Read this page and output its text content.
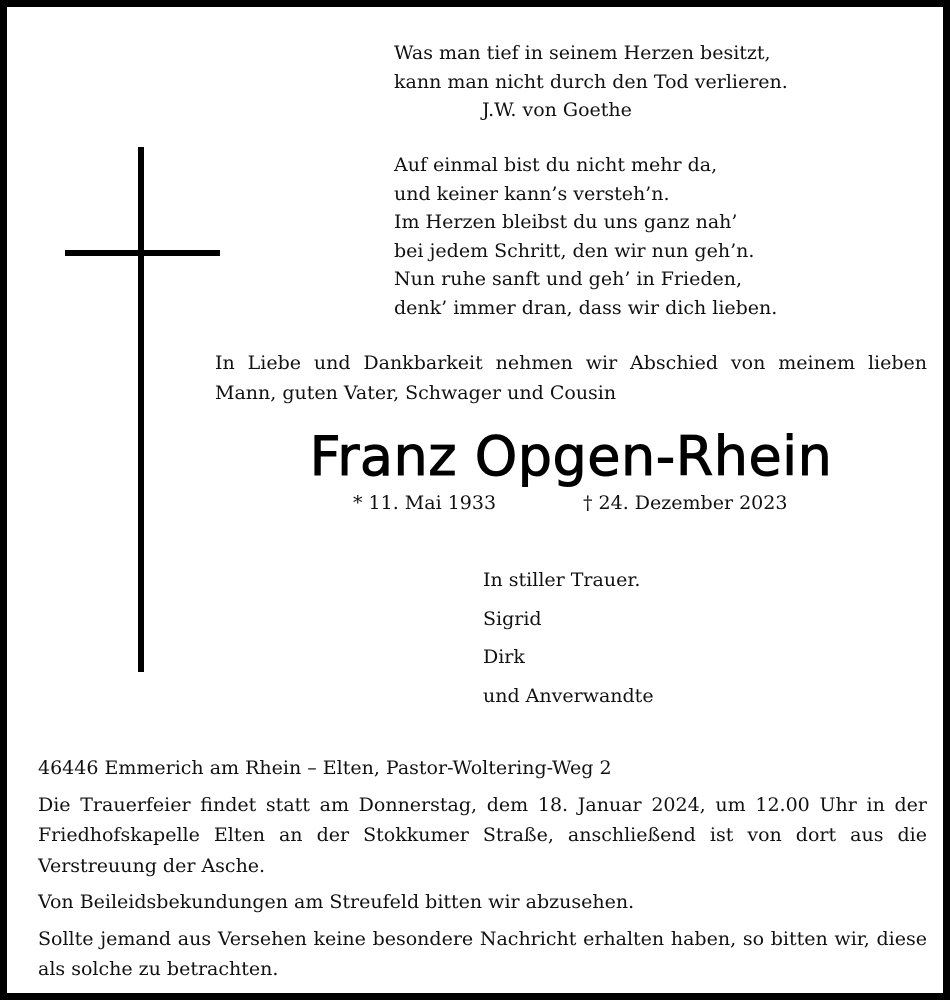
Was man tief in seinem Herzen besitzt,
kann man nicht durch den Tod verlieren.
J.W. von Goethe
Auf einmal bist du nicht mehr da,
und keiner kann’s versteh’n.
Im Herzen bleibst du uns ganz nah’
bei jedem Schritt, den wir nun geh’n.
Nun ruhe sanft und geh’ in Frieden,
denk’ immer dran, dass wir dich lieben.
In Liebe und Dankbarkeit nehmen wir Abschied von meinem lieben Mann, guten Vater, Schwager und Cousin
Franz Opgen-Rhein
* 11. Mai 1933	† 24. Dezember 2023
In stiller Trauer.
Sigrid
Dirk
und Anverwandte

46446 Emmerich am Rhein – Elten, Pastor-Woltering-Weg 2

Die Trauerfeier findet statt am Donnerstag, dem 18. Januar 2024, um 12.00 Uhr in der Friedhofskapelle Elten an der Stokkumer Straße, anschließend ist von dort aus die Verstreuung der Asche.

Von Beileidsbekundungen am Streufeld bitten wir abzusehen.

Sollte jemand aus Versehen keine besondere Nachricht erhalten haben, so bitten wir, diese als solche zu betrachten.
